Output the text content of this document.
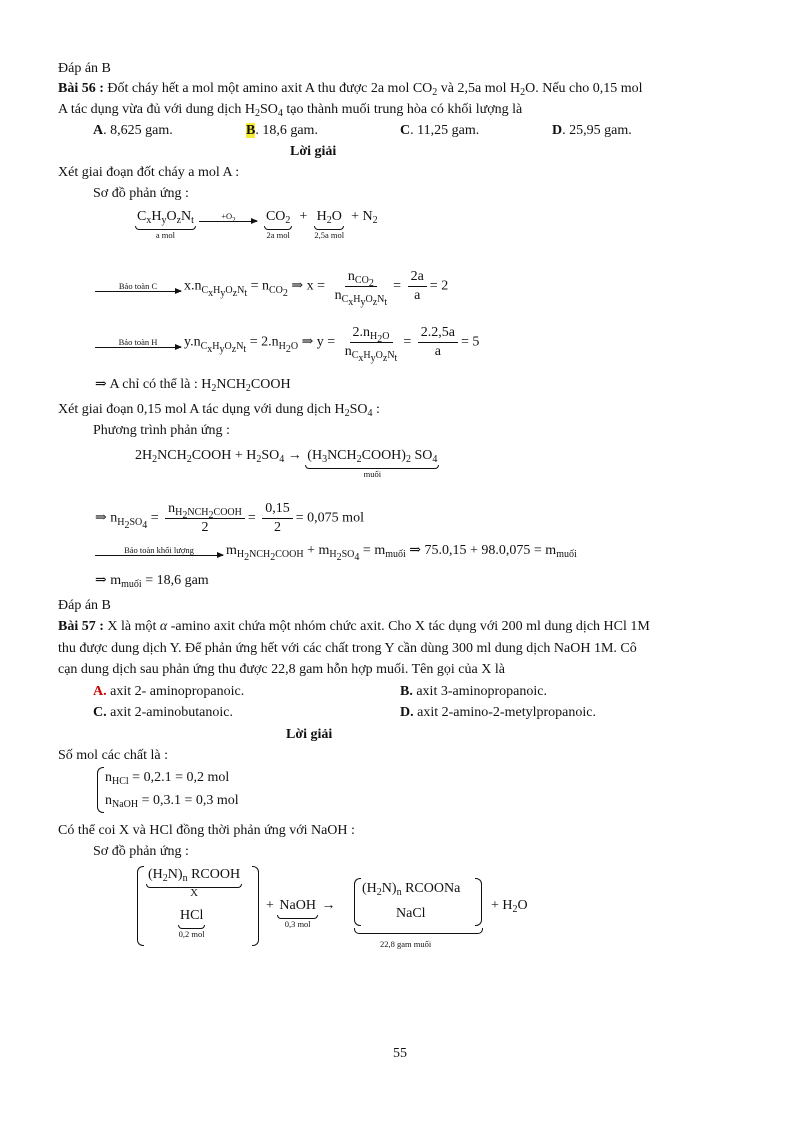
Đáp án B
Bài 56 : Đốt cháy hết a mol một amino axit A thu được 2a mol $CO_2$ và 2,5a mol $H_2O$. Nếu cho 0,15 mol
A tác dụng vừa đủ với dung dịch $H_2SO_4$ tạo thành muối trung hòa có khối lượng là
A. 8,625 gam.	B. 18,6 gam.	C. 11,25 gam.	D. 25,95 gam.
Lời giải
Xét giai đoạn đốt cháy a mol A :
Sơ đồ phản ứng :
$C_xH_yO_zN_t$
a mol

$+O_2$
$CO_2$
2a mol
+ $H_2O$
2,5a mol
+ $N_2$
Bảo toàn C $x.n_{C_xH_yO_zN_t} = n_{CO_2}$ ⇒ $x = \frac{n_{CO_2}}{n_{C_xH_yO_zN_t}} = \frac{2a}{a} = 2$
Bảo toàn H $y.n_{C_xH_yO_zN_t} = 2.n_{H_2O}$ ⇒ $y = \frac{2.n_{H_2O}}{n_{C_xH_yO_zN_t}} = \frac{2.2,5a}{a} = 5$
⇒ A chỉ có thể là : $H_2NCH_2COOH$
Xét giai đoạn 0,15 mol A tác dụng với dung dịch $H_2SO_4$ :
Phương trình phản ứng :
$2H_2NCH_2COOH + H_2SO_4$ → $(H_3NCH_2COOH)_2$ $SO_4$
muối
⇒ $n_{H_2SO_4} = \frac{n_{H_2NCH_2COOH}}{2} = \frac{0,15}{2} = 0,075$ mol
Bảo toàn khối lượng $m_{H_2NCH_2COOH} + m_{H_2SO_4} = m_{muối}$ ⇒ $75.0,15 + 98.0,075 = m_{muối}$
⇒ $m_{muối} = 18,6$ gam
Đáp án B
Bài 57 : X là một α -amino axit chứa một nhóm chức axit. Cho X tác dụng với 200 ml dung dịch HCl 1M
thu được dung dịch Y. Để phản ứng hết với các chất trong Y cần dùng 300 ml dung dịch NaOH 1M. Cô
cạn dung dịch sau phản ứng thu được 22,8 gam hỗn hợp muối. Tên gọi của X là
A. axit 2- aminopropanoic.	B. axit 3-aminopropanoic.
C. axit 2-aminobutanoic.	D. axit 2-amino-2-metylpropanoic.
Lời giải
Số mol các chất là :
$n_{HCl} = 0,2.1 = 0,2$ mol
$n_{NaOH} = 0,3.1 = 0,3$ mol
Có thể coi X và HCl đồng thời phản ứng với NaOH :
Sơ đồ phản ứng :
$(H_2N)_n$ RCOOH
X
HCl
0,2 mol
+ NaOH
0,3 mol
→
$(H_2N)_n$ RCOONa
NaCl
22,8 gam muối
+ $H_2O$
55
